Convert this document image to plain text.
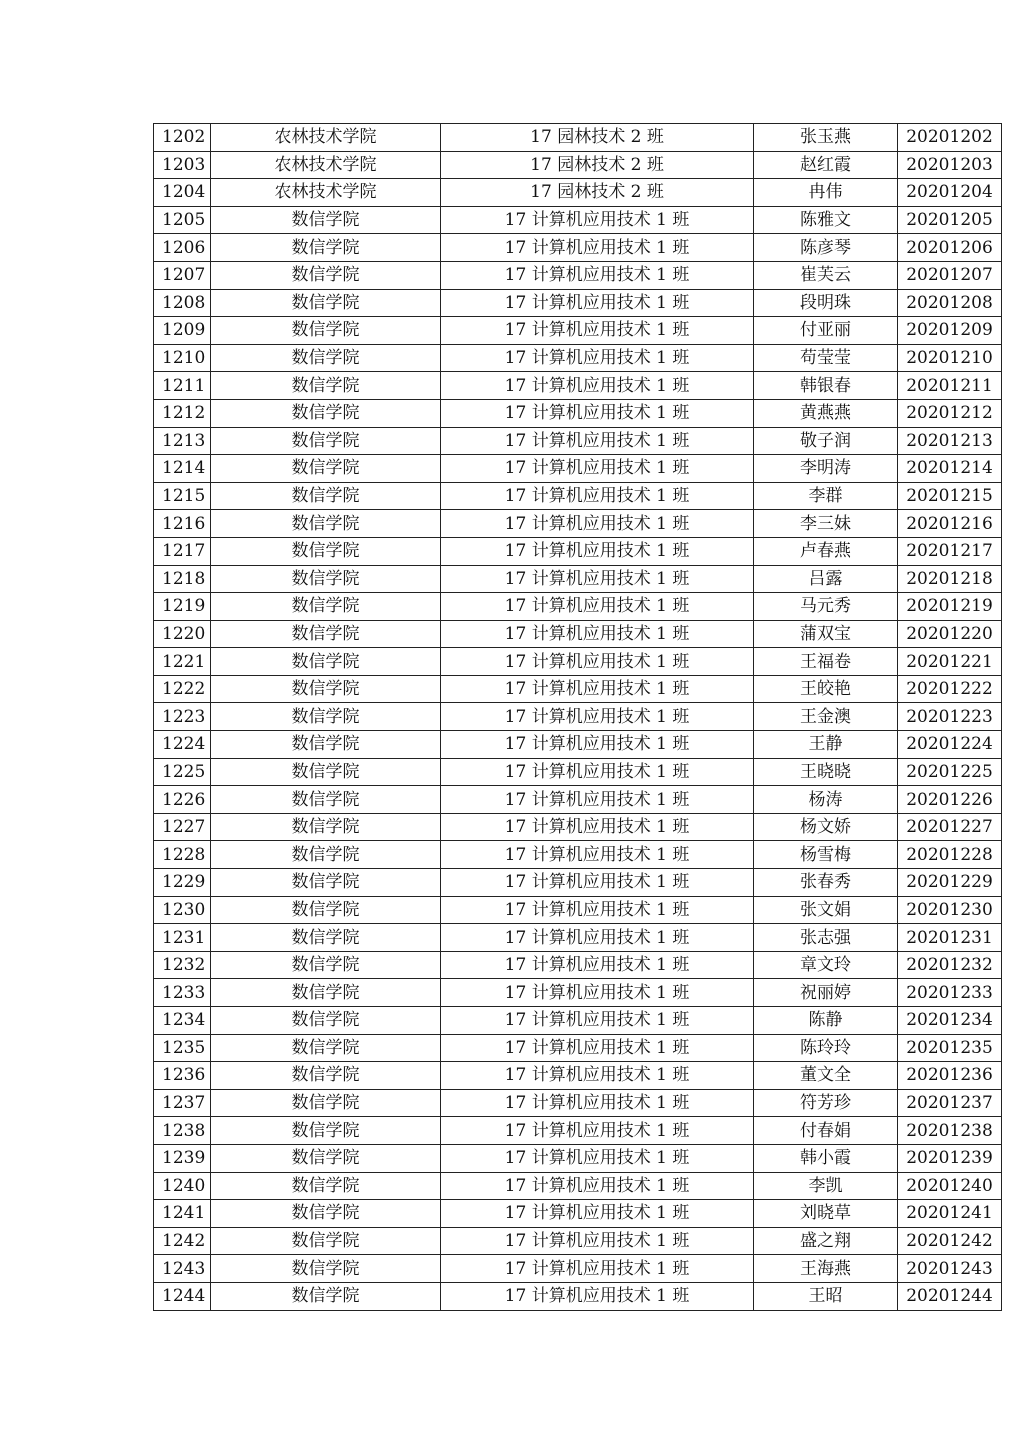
1202	农林技术学院	17 园林技术 2 班	张玉燕	20201202
1203	农林技术学院	17 园林技术 2 班	赵红霞	20201203
1204	农林技术学院	17 园林技术 2 班	冉伟	20201204
1205	数信学院	17 计算机应用技术 1 班	陈雅文	20201205
1206	数信学院	17 计算机应用技术 1 班	陈彦琴	20201206
1207	数信学院	17 计算机应用技术 1 班	崔芙云	20201207
1208	数信学院	17 计算机应用技术 1 班	段明珠	20201208
1209	数信学院	17 计算机应用技术 1 班	付亚丽	20201209
1210	数信学院	17 计算机应用技术 1 班	苟莹莹	20201210
1211	数信学院	17 计算机应用技术 1 班	韩银春	20201211
1212	数信学院	17 计算机应用技术 1 班	黄燕燕	20201212
1213	数信学院	17 计算机应用技术 1 班	敬子润	20201213
1214	数信学院	17 计算机应用技术 1 班	李明涛	20201214
1215	数信学院	17 计算机应用技术 1 班	李群	20201215
1216	数信学院	17 计算机应用技术 1 班	李三妹	20201216
1217	数信学院	17 计算机应用技术 1 班	卢春燕	20201217
1218	数信学院	17 计算机应用技术 1 班	吕露	20201218
1219	数信学院	17 计算机应用技术 1 班	马元秀	20201219
1220	数信学院	17 计算机应用技术 1 班	蒲双宝	20201220
1221	数信学院	17 计算机应用技术 1 班	王福卷	20201221
1222	数信学院	17 计算机应用技术 1 班	王皎艳	20201222
1223	数信学院	17 计算机应用技术 1 班	王金澳	20201223
1224	数信学院	17 计算机应用技术 1 班	王静	20201224
1225	数信学院	17 计算机应用技术 1 班	王晓晓	20201225
1226	数信学院	17 计算机应用技术 1 班	杨涛	20201226
1227	数信学院	17 计算机应用技术 1 班	杨文娇	20201227
1228	数信学院	17 计算机应用技术 1 班	杨雪梅	20201228
1229	数信学院	17 计算机应用技术 1 班	张春秀	20201229
1230	数信学院	17 计算机应用技术 1 班	张文娟	20201230
1231	数信学院	17 计算机应用技术 1 班	张志强	20201231
1232	数信学院	17 计算机应用技术 1 班	章文玲	20201232
1233	数信学院	17 计算机应用技术 1 班	祝丽婷	20201233
1234	数信学院	17 计算机应用技术 1 班	陈静	20201234
1235	数信学院	17 计算机应用技术 1 班	陈玲玲	20201235
1236	数信学院	17 计算机应用技术 1 班	董文全	20201236
1237	数信学院	17 计算机应用技术 1 班	符芳珍	20201237
1238	数信学院	17 计算机应用技术 1 班	付春娟	20201238
1239	数信学院	17 计算机应用技术 1 班	韩小霞	20201239
1240	数信学院	17 计算机应用技术 1 班	李凯	20201240
1241	数信学院	17 计算机应用技术 1 班	刘晓草	20201241
1242	数信学院	17 计算机应用技术 1 班	盛之翔	20201242
1243	数信学院	17 计算机应用技术 1 班	王海燕	20201243
1244	数信学院	17 计算机应用技术 1 班	王昭	20201244
